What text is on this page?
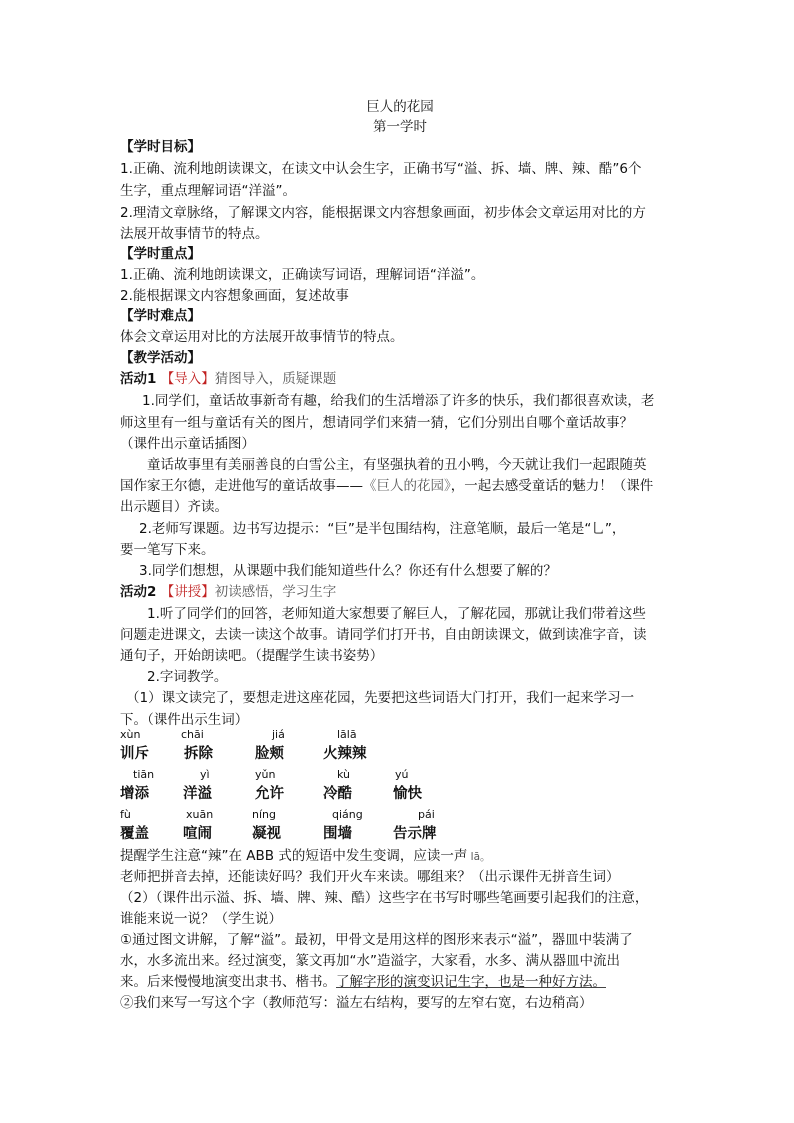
巨人的花园
第一学时
【学时目标】
1.正确、流利地朗读课文，在读文中认会生字，正确书写“溢、拆、墙、牌、辣、酷”6个
生字，重点理解词语“洋溢”。
2.理清文章脉络，了解课文内容，能根据课文内容想象画面，初步体会文章运用对比的方
法展开故事情节的特点。
【学时重点】
1.正确、流利地朗读课文，正确读写词语，理解词语“洋溢”。
2.能根据课文内容想象画面，复述故事
【学时难点】
体会文章运用对比的方法展开故事情节的特点。
【教学活动】
活动1 【导入】猜图导入，质疑课题
1.同学们，童话故事新奇有趣，给我们的生活增添了许多的快乐，我们都很喜欢读，老
师这里有一组与童话有关的图片，想请同学们来猜一猜，它们分别出自哪个童话故事？
（课件出示童话插图）
童话故事里有美丽善良的白雪公主，有坚强执着的丑小鸭，今天就让我们一起跟随英
国作家王尔德，走进他写的童话故事——《巨人的花园》，一起去感受童话的魅力！（课件
出示题目）齐读。
2.老师写课题。边书写边提示：“巨”是半包围结构，注意笔顺，最后一笔是“乚”，
要一笔写下来。
3.同学们想想，从课题中我们能知道些什么？你还有什么想要了解的？
活动2 【讲授】初读感悟，学习生字
1.听了同学们的回答，老师知道大家想要了解巨人，了解花园，那就让我们带着这些
问题走进课文，去读一读这个故事。请同学们打开书，自由朗读课文，做到读准字音，读
通句子，开始朗读吧。（提醒学生读书姿势）
2.字词教学。
（1）课文读完了，要想走进这座花园，先要把这些词语大门打开，我们一起来学习一
下。（课件出示生词）
xùn	chāi	jiá	lālā
训斥 拆除	脸颊	火辣辣
tiān	yì	yǔn	kù	yú
增添 洋溢	允许	冷酷	愉快
fù	xuān	níng	qiáng	pái
覆盖 喧闹	凝视	围墙	告示牌
提醒学生注意“辣”在 ABB 式的短语中发生变调，应读一声 lā。
老师把拼音去掉，还能读好吗？我们开火车来读。哪组来？（出示课件无拼音生词）
（2）（课件出示溢、拆、墙、牌、辣、酷）这些字在书写时哪些笔画要引起我们的注意，
谁能来说一说？（学生说）
①通过图文讲解，了解“溢”。最初，甲骨文是用这样的图形来表示“溢”，器皿中装满了
水，水多流出来。经过演变，篆文再加“水”造溢字，大家看，水多、满从器皿中流出
来。后来慢慢地演变出隶书、楷书。了解字形的演变识记生字，也是一种好方法。
②我们来写一写这个字（教师范写：溢左右结构，要写的左窄右宽，右边稍高）
